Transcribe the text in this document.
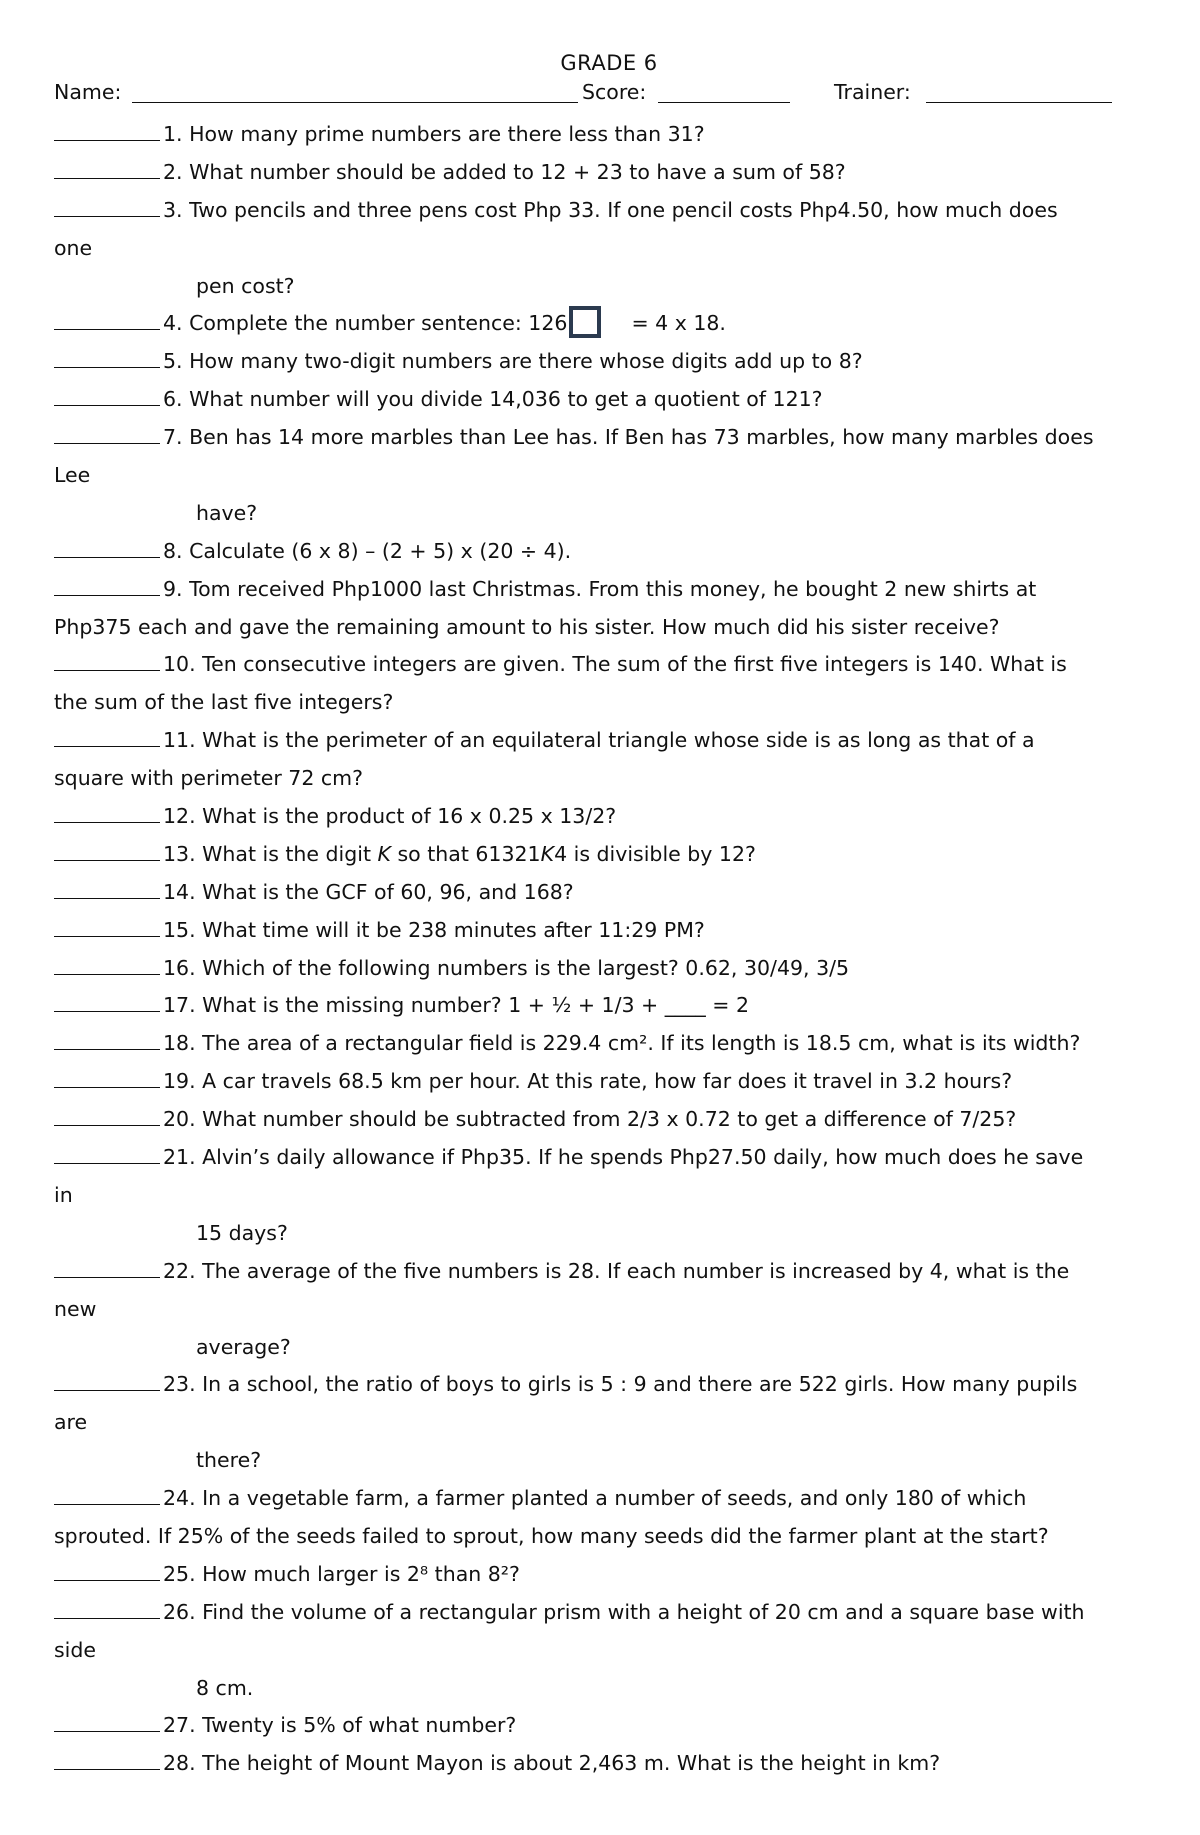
GRADE 6
Name:	Score:	Trainer:
1. How many prime numbers are there less than 31?
2. What number should be added to 12 + 23 to have a sum of 58?
3. Two pencils and three pens cost Php 33. If one pencil costs Php4.50, how much does
one
pen cost?
4. Complete the number sentence: 126	= 4 x 18.
5. How many two-digit numbers are there whose digits add up to 8?
6. What number will you divide 14,036 to get a quotient of 121?
7. Ben has 14 more marbles than Lee has. If Ben has 73 marbles, how many marbles does
Lee
have?
8. Calculate (6 x 8) – (2 + 5) x (20 ÷ 4).
9. Tom received Php1000 last Christmas. From this money, he bought 2 new shirts at
Php375 each and gave the remaining amount to his sister. How much did his sister receive?
10. Ten consecutive integers are given. The sum of the first five integers is 140. What is
the sum of the last five integers?
11. What is the perimeter of an equilateral triangle whose side is as long as that of a
square with perimeter 72 cm?
12. What is the product of 16 x 0.25 x 13/2?
13. What is the digit K so that 61321K4 is divisible by 12?
14. What is the GCF of 60, 96, and 168?
15. What time will it be 238 minutes after 11:29 PM?
16. Which of the following numbers is the largest? 0.62, 30/49, 3/5
17. What is the missing number? 1 + ½ + 1/3 + ____ = 2
18. The area of a rectangular field is 229.4 cm². If its length is 18.5 cm, what is its width?
19. A car travels 68.5 km per hour. At this rate, how far does it travel in 3.2 hours?
20. What number should be subtracted from 2/3 x 0.72 to get a difference of 7/25?
21. Alvin’s daily allowance if Php35. If he spends Php27.50 daily, how much does he save
in
15 days?
22. The average of the five numbers is 28. If each number is increased by 4, what is the
new
average?
23. In a school, the ratio of boys to girls is 5 : 9 and there are 522 girls. How many pupils
are
there?
24. In a vegetable farm, a farmer planted a number of seeds, and only 180 of which
sprouted. If 25% of the seeds failed to sprout, how many seeds did the farmer plant at the start?
25. How much larger is 2⁸ than 8²?
26. Find the volume of a rectangular prism with a height of 20 cm and a square base with
side
8 cm.
27. Twenty is 5% of what number?
28. The height of Mount Mayon is about 2,463 m. What is the height in km?
